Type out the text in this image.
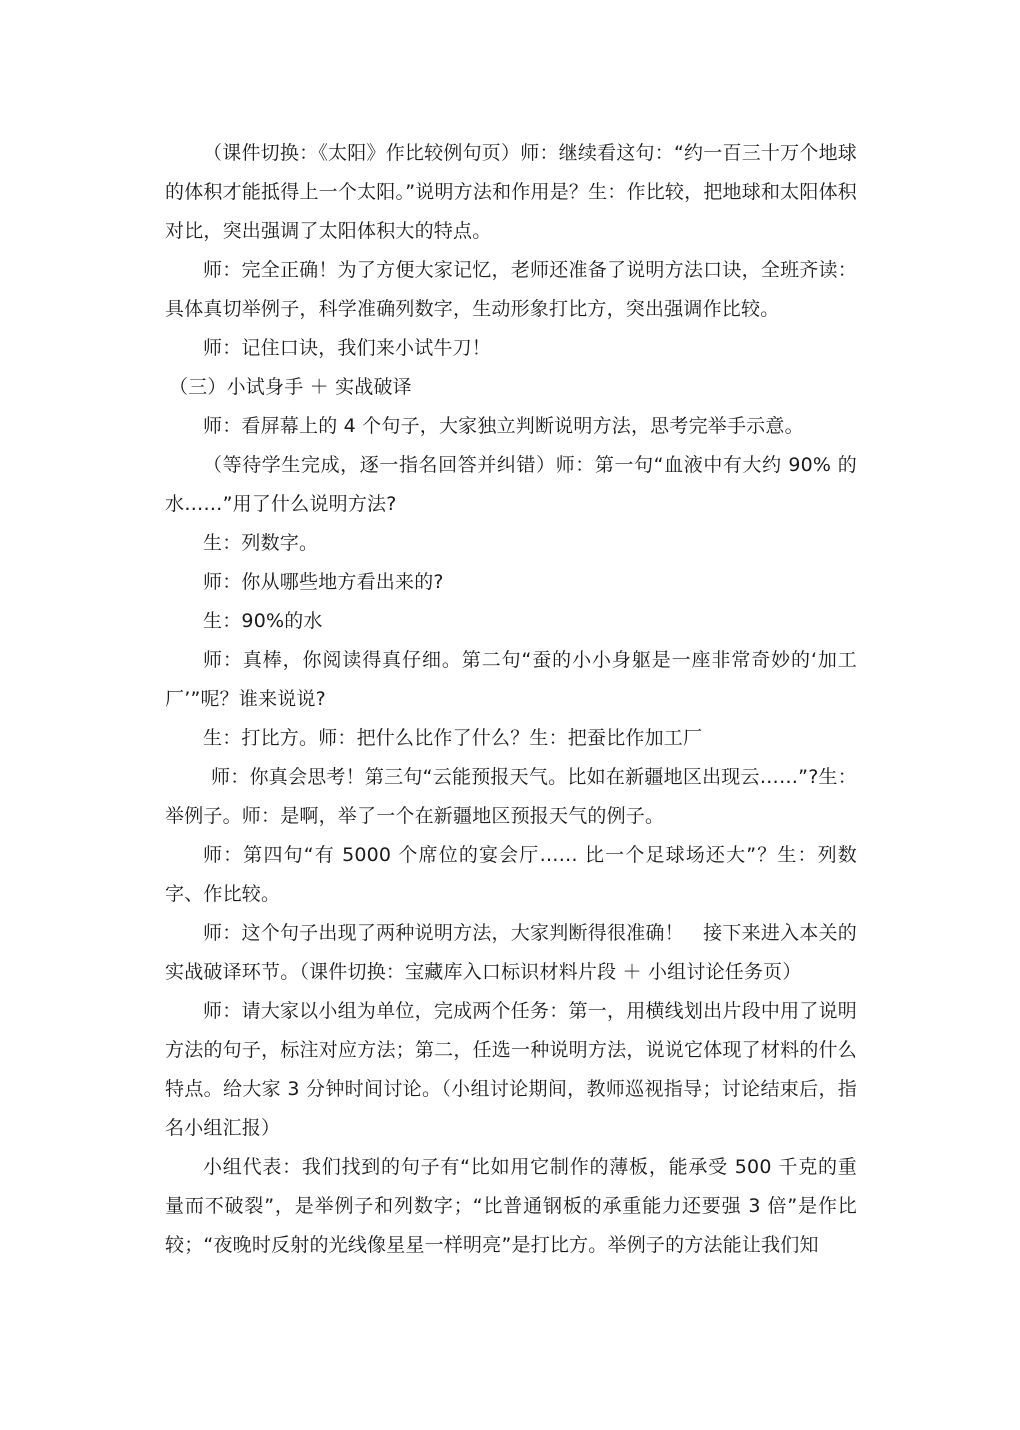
（课件切换：《太阳》作比较例句页）师：继续看这句：“约一百三十万个地球的体积才能抵得上一个太阳。”说明方法和作用是？生：作比较，把地球和太阳体积对比，突出强调了太阳体积大的特点。

师：完全正确！为了方便大家记忆，老师还准备了说明方法口诀，全班齐读：具体真切举例子，科学准确列数字，生动形象打比方，突出强调作比较。

师：记住口诀，我们来小试牛刀！

（三）小试身手 ＋ 实战破译

师：看屏幕上的 4 个句子，大家独立判断说明方法，思考完举手示意。

（等待学生完成，逐一指名回答并纠错）师：第一句“血液中有大约 90% 的水……”用了什么说明方法?

生：列数字。

师：你从哪些地方看出来的?

生：90%的水

师：真棒，你阅读得真仔细。第二句“蚕的小小身躯是一座非常奇妙的‘加工厂’”呢？谁来说说?

生：打比方。师：把什么比作了什么？生：把蚕比作加工厂

师：你真会思考！第三句“云能预报天气。比如在新疆地区出现云……”?生：举例子。师：是啊，举了一个在新疆地区预报天气的例子。

师：第四句“有 5000 个席位的宴会厅…… 比一个足球场还大”？生：列数字、作比较。

师：这个句子出现了两种说明方法，大家判断得很准确！　接下来进入本关的实战破译环节。（课件切换：宝藏库入口标识材料片段 ＋ 小组讨论任务页）

师：请大家以小组为单位，完成两个任务：第一，用横线划出片段中用了说明方法的句子，标注对应方法；第二，任选一种说明方法，说说它体现了材料的什么特点。给大家 3 分钟时间讨论。（小组讨论期间，教师巡视指导；讨论结束后，指名小组汇报）

小组代表：我们找到的句子有“比如用它制作的薄板，能承受 500 千克的重量而不破裂”，是举例子和列数字；“比普通钢板的承重能力还要强 3 倍”是作比较；“夜晚时反射的光线像星星一样明亮”是打比方。举例子的方法能让我们知
